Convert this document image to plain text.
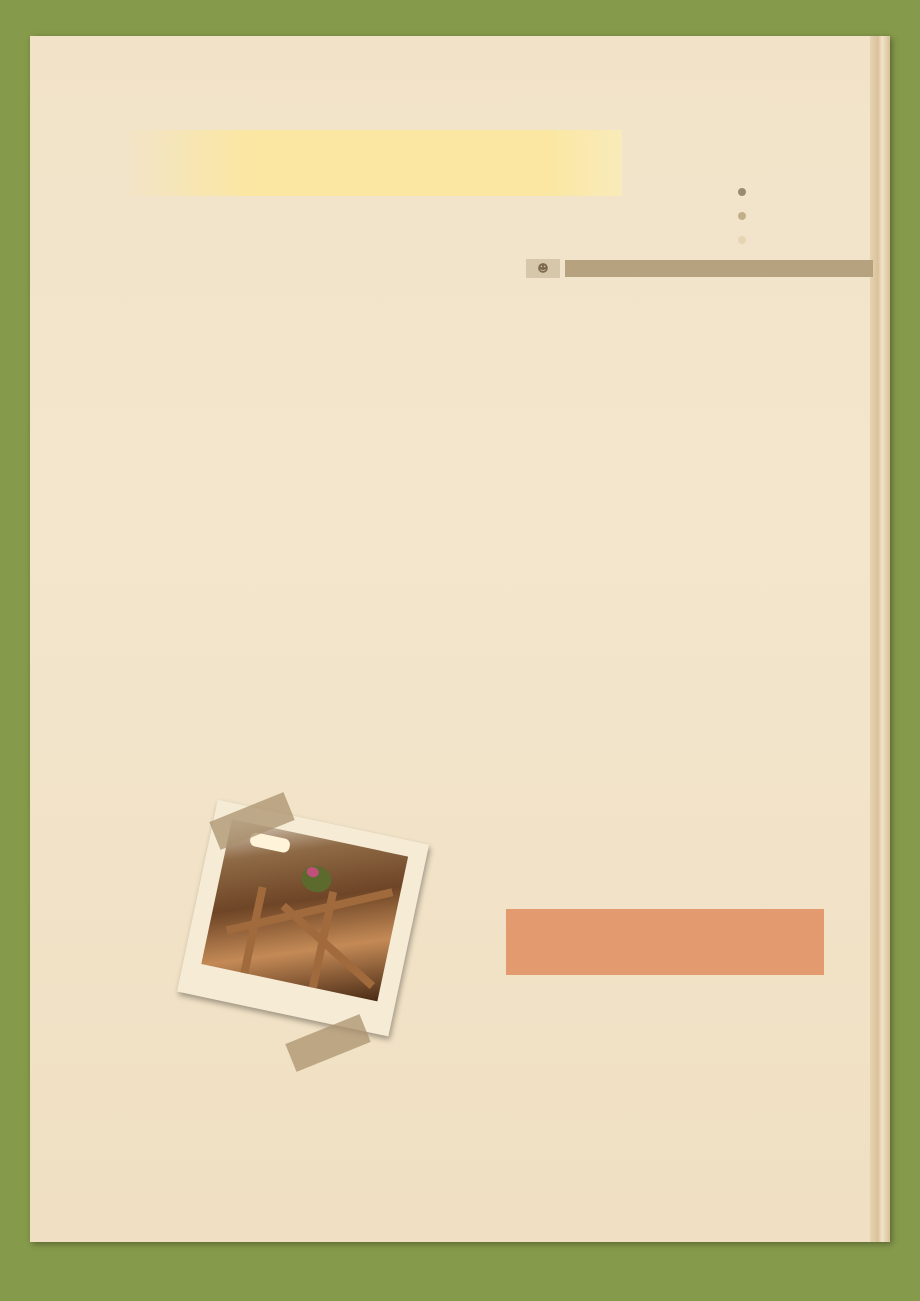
☻
